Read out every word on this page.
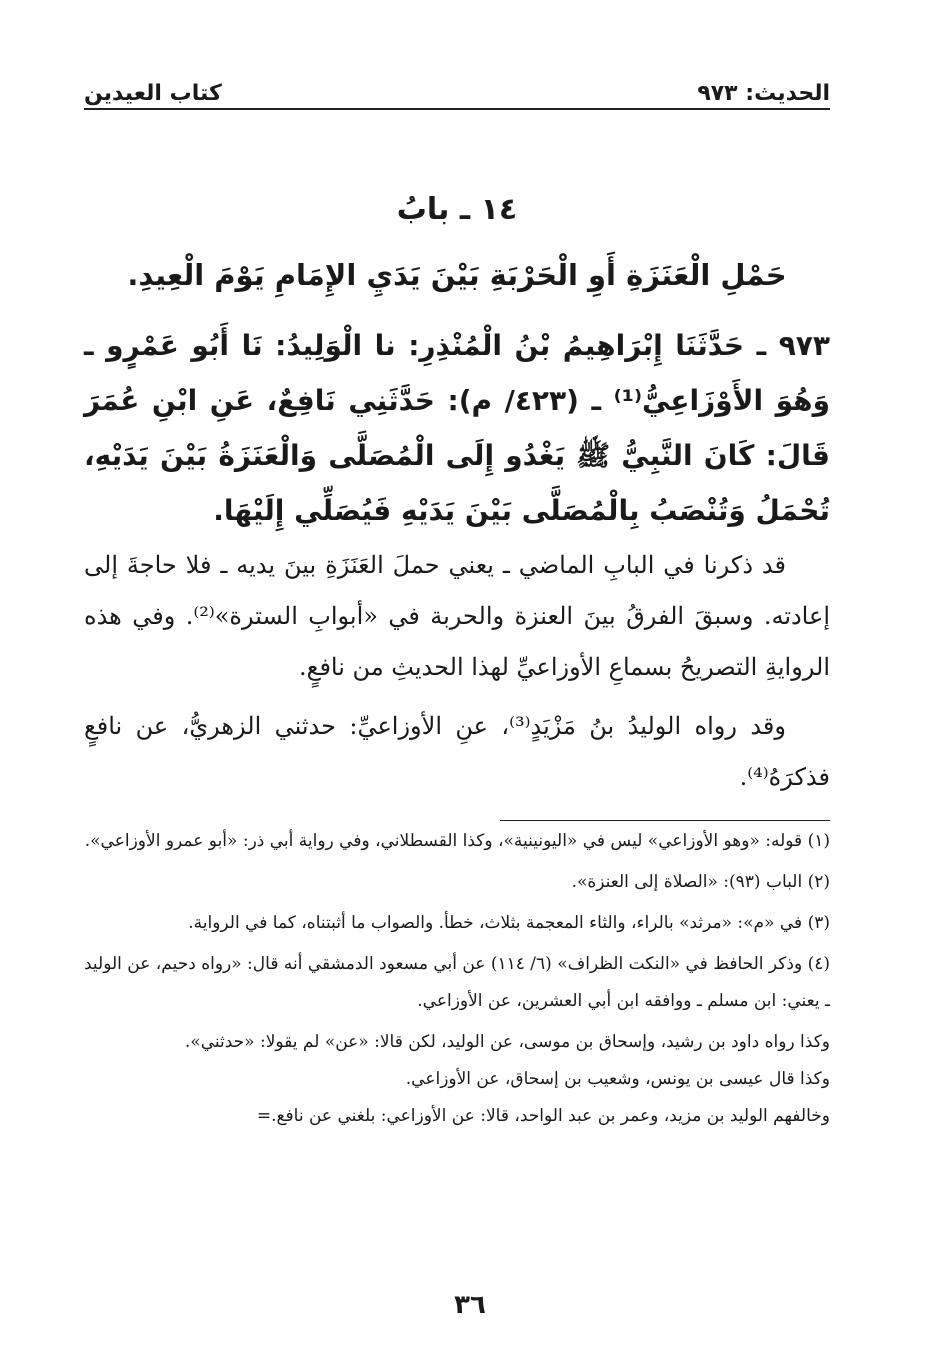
الحديث: ٩٧٣
كتاب العيدين
١٤ ـ بابُ
حَمْلِ الْعَنَزَةِ أَوِ الْحَرْبَةِ بَيْنَ يَدَيِ الإِمَامِ يَوْمَ الْعِيدِ.
٩٧٣ ـ حَدَّثَنَا إِبْرَاهِيمُ بْنُ الْمُنْذِرِ: نا الْوَلِيدُ: نَا أَبُو عَمْرٍو ـ وَهُوَ الأَوْزَاعِيُّ⁽¹⁾ ـ (٤٢٣/ م): حَدَّثَنِي نَافِعٌ، عَنِ ابْنِ عُمَرَ قَالَ: كَانَ النَّبِيُّ ﷺ يَغْدُو إِلَى الْمُصَلَّى وَالْعَنَزَةُ بَيْنَ يَدَيْهِ، تُحْمَلُ وَتُنْصَبُ بِالْمُصَلَّى بَيْنَ يَدَيْهِ فَيُصَلِّي إِلَيْهَا.

قد ذكرنا في البابِ الماضي ـ يعني حملَ العَنَزَةِ بينَ يديه ـ فلا حاجةَ إلى إعادته. وسبقَ الفرقُ بينَ العنزة والحربة في «أبوابِ السترة»⁽²⁾. وفي هذه الروايةِ التصريحُ بسماعِ الأوزاعيِّ لهذا الحديثِ من نافعٍ.

وقد رواه الوليدُ بنُ مَزْيَدٍ⁽³⁾، عنِ الأوزاعيِّ: حدثني الزهريُّ، عن نافعٍ فذكرَهُ⁽⁴⁾.

(١) قوله: «وهو الأوزاعي» ليس في «اليونينية»، وكذا القسطلاني، وفي رواية أبي ذر: «أبو عمرو الأوزاعي».

(٢) الباب (٩٣): «الصلاة إلى العنزة».

(٣) في «م»: «مرثد» بالراء، والثاء المعجمة بثلاث، خطأ. والصواب ما أثبتناه، كما في الرواية.

(٤) وذكر الحافظ في «النكت الظراف» (٦/ ١١٤) عن أبي مسعود الدمشقي أنه قال: «رواه دحيم، عن الوليد ـ يعني: ابن مسلم ـ ووافقه ابن أبي العشرين، عن الأوزاعي.

وكذا رواه داود بن رشيد، وإسحاق بن موسى، عن الوليد، لكن قالا: «عن» لم يقولا: «حدثني».

وكذا قال عيسى بن يونس، وشعيب بن إسحاق، عن الأوزاعي.

وخالفهم الوليد بن مزيد، وعمر بن عبد الواحد، قالا: عن الأوزاعي: بلغني عن نافع.=

٣٦
